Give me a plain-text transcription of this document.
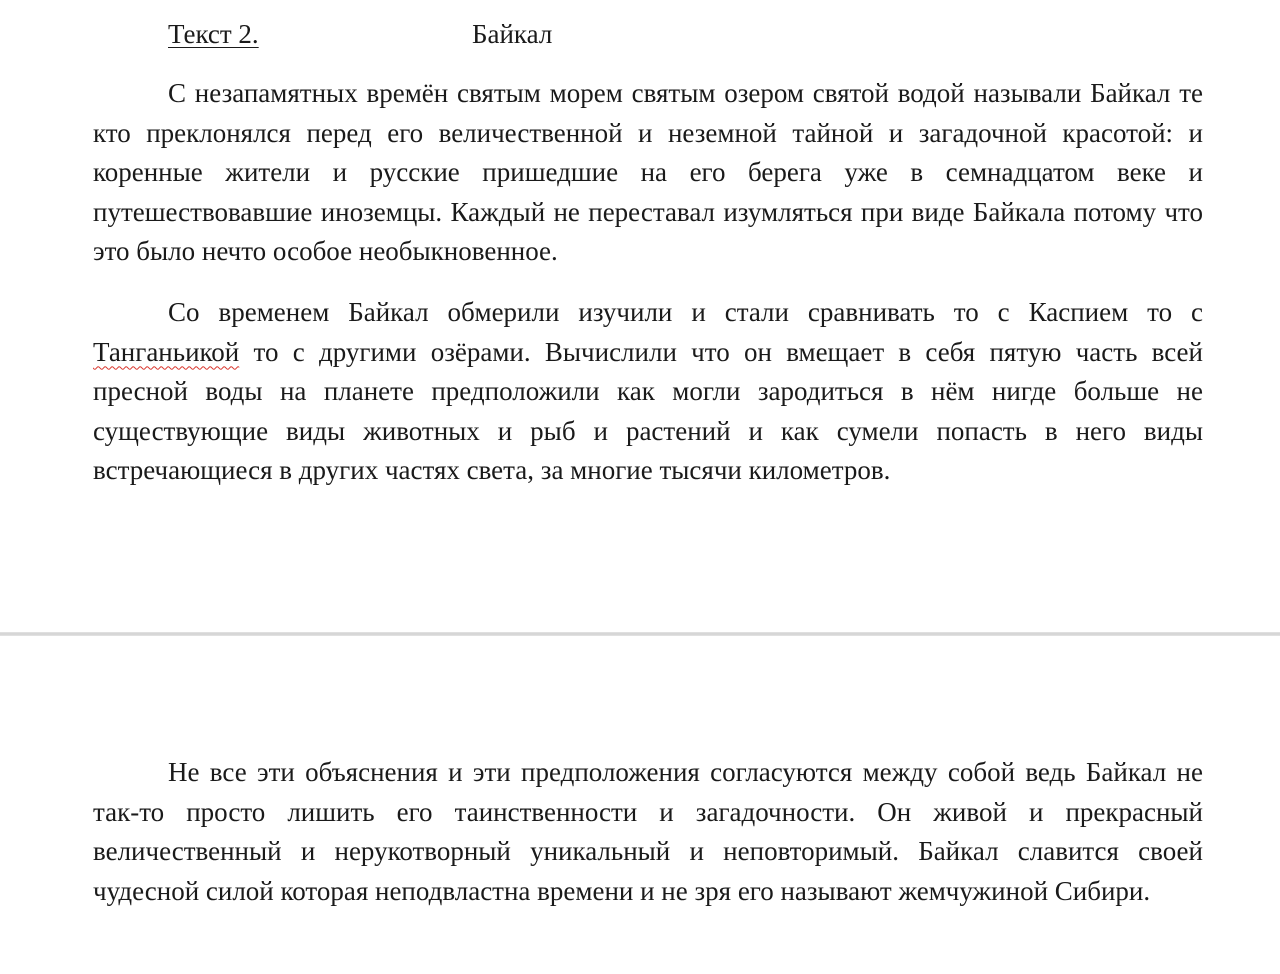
Текст 2.	Байкал

С незапамятных времён святым морем святым озером святой водой называли Байкал те кто преклонялся перед его величественной и неземной тайной и загадочной красотой: и коренные жители и русские пришедшие на его берега уже в семнадцатом веке и путешествовавшие иноземцы. Каждый не переставал изумляться при виде Байкала потому что это было нечто особое необыкновенное.

Со временем Байкал обмерили изучили и стали сравнивать то с Каспием то с Танганьикой то с другими озёрами. Вычислили что он вмещает в себя пятую часть всей пресной воды на планете предположили как могли зародиться в нём нигде больше не существующие виды животных и рыб и растений и как сумели попасть в него виды встречающиеся в других частях света, за многие тысячи километров.

Не все эти объяснения и эти предположения согласуются между собой ведь Байкал не так-то просто лишить его таинственности и загадочности. Он живой и прекрасный величественный и нерукотворный уникальный и неповторимый. Байкал славится своей чудесной силой которая неподвластна времени и не зря его называют жемчужиной Сибири.
